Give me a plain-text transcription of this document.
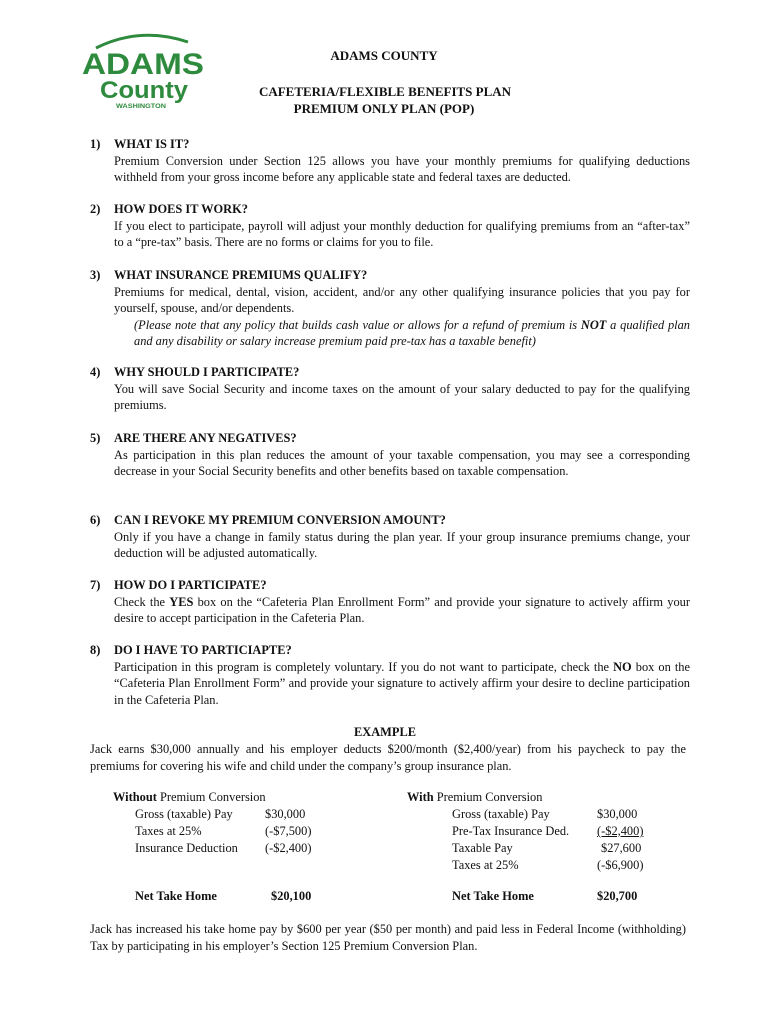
ADAMS
County
WASHINGTON
ADAMS COUNTY
CAFETERIA/FLEXIBLE BENEFITS PLAN
PREMIUM ONLY PLAN (POP)
1) WHAT IS IT?
Premium Conversion under Section 125 allows you have your monthly premiums for qualifying deductions withheld from your gross income before any applicable state and federal taxes are deducted.
2) HOW DOES IT WORK?
If you elect to participate, payroll will adjust your monthly deduction for qualifying premiums from an “after-tax” to a “pre-tax” basis. There are no forms or claims for you to file.
3) WHAT INSURANCE PREMIUMS QUALIFY?
Premiums for medical, dental, vision, accident, and/or any other qualifying insurance policies that you pay for yourself, spouse, and/or dependents.
(Please note that any policy that builds cash value or allows for a refund of premium is NOT a qualified plan and any disability or salary increase premium paid pre-tax has a taxable benefit)
4) WHY SHOULD I PARTICIPATE?
You will save Social Security and income taxes on the amount of your salary deducted to pay for the qualifying premiums.
5) ARE THERE ANY NEGATIVES?
As participation in this plan reduces the amount of your taxable compensation, you may see a corresponding decrease in your Social Security benefits and other benefits based on taxable compensation.
6) CAN I REVOKE MY PREMIUM CONVERSION AMOUNT?
Only if you have a change in family status during the plan year. If your group insurance premiums change, your deduction will be adjusted automatically.
7) HOW DO I PARTICIPATE?
Check the YES box on the “Cafeteria Plan Enrollment Form” and provide your signature to actively affirm your desire to accept participation in the Cafeteria Plan.
8) DO I HAVE TO PARTICIAPTE?
Participation in this program is completely voluntary. If you do not want to participate, check the NO box on the “Cafeteria Plan Enrollment Form” and provide your signature to actively affirm your desire to decline participation in the Cafeteria Plan.
EXAMPLE
Jack earns $30,000 annually and his employer deducts $200/month ($2,400/year) from his paycheck to pay the premiums for covering his wife and child under the company’s group insurance plan.
Without Premium Conversion
Gross (taxable) Pay	$30,000
Taxes at 25%	(-$7,500)
Insurance Deduction (-$2,400)
Net Take Home	$20,100
With Premium Conversion
Gross (taxable) Pay	$30,000
Pre-Tax Insurance Ded. (-$2,400)
Taxable Pay	$27,600
Taxes at 25%	(-$6,900)
Net Take Home	$20,700
Jack has increased his take home pay by $600 per year ($50 per month) and paid less in Federal Income (withholding) Tax by participating in his employer’s Section 125 Premium Conversion Plan.
